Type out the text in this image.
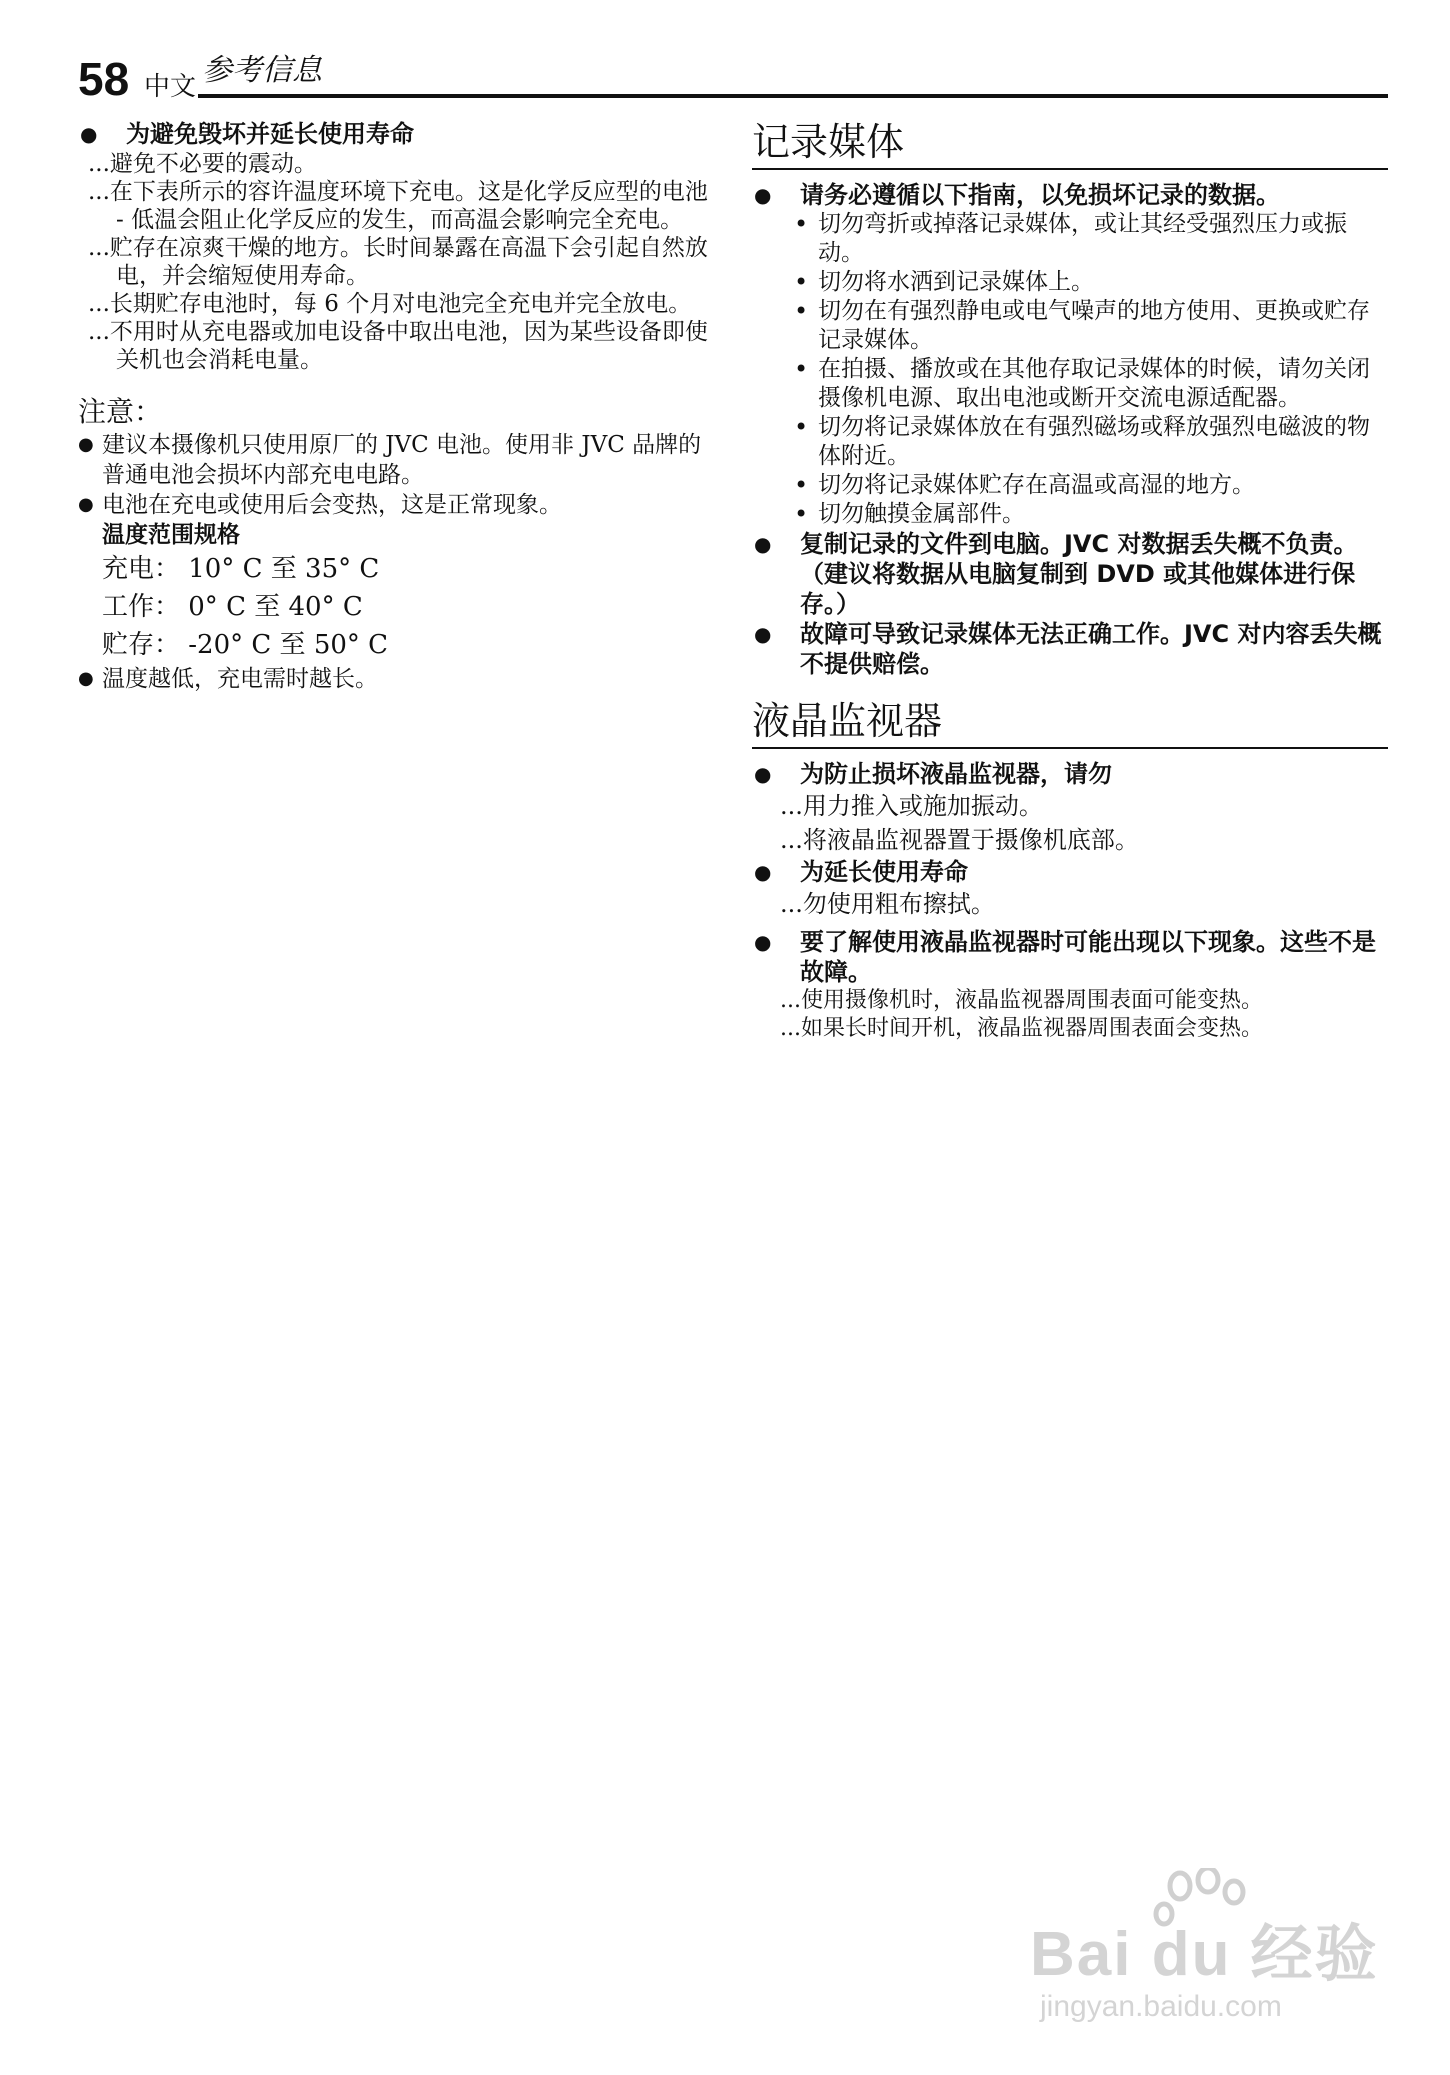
58 中文 参考信息
● 为避免毁坏并延长使用寿命
...避免不必要的震动。
...在下表所示的容许温度环境下充电。这是化学反应型的电池 - 低温会阻止化学反应的发生，而高温会影响完全充电。
...贮存在凉爽干燥的地方。长时间暴露在高温下会引起自然放电，并会缩短使用寿命。
...长期贮存电池时，每 6 个月对电池完全充电并完全放电。
...不用时从充电器或加电设备中取出电池，因为某些设备即使关机也会消耗电量。
注意：
● 建议本摄像机只使用原厂的 JVC 电池。使用非 JVC 品牌的普通电池会损坏内部充电电路。
● 电池在充电或使用后会变热，这是正常现象。
温度范围规格
充电： 10° C 至 35° C
工作： 0° C 至 40° C
贮存： -20° C 至 50° C
● 温度越低，充电需时越长。
记录媒体
● 请务必遵循以下指南，以免损坏记录的数据。
• 切勿弯折或掉落记录媒体，或让其经受强烈压力或振动。
• 切勿将水洒到记录媒体上。
• 切勿在有强烈静电或电气噪声的地方使用、更换或贮存记录媒体。
• 在拍摄、播放或在其他存取记录媒体的时候，请勿关闭摄像机电源、取出电池或断开交流电源适配器。
• 切勿将记录媒体放在有强烈磁场或释放强烈电磁波的物体附近。
• 切勿将记录媒体贮存在高温或高湿的地方。
• 切勿触摸金属部件。
● 复制记录的文件到电脑。JVC 对数据丢失概不负责。（建议将数据从电脑复制到 DVD 或其他媒体进行保存。）
● 故障可导致记录媒体无法正确工作。JVC 对内容丢失概不提供赔偿。
液晶监视器
● 为防止损坏液晶监视器，请勿
...用力推入或施加振动。
...将液晶监视器置于摄像机底部。
● 为延长使用寿命
...勿使用粗布擦拭。
● 要了解使用液晶监视器时可能出现以下现象。这些不是故障。
...使用摄像机时，液晶监视器周围表面可能变热。
...如果长时间开机，液晶监视器周围表面会变热。
Bai du 经验
jingyan.baidu.com
